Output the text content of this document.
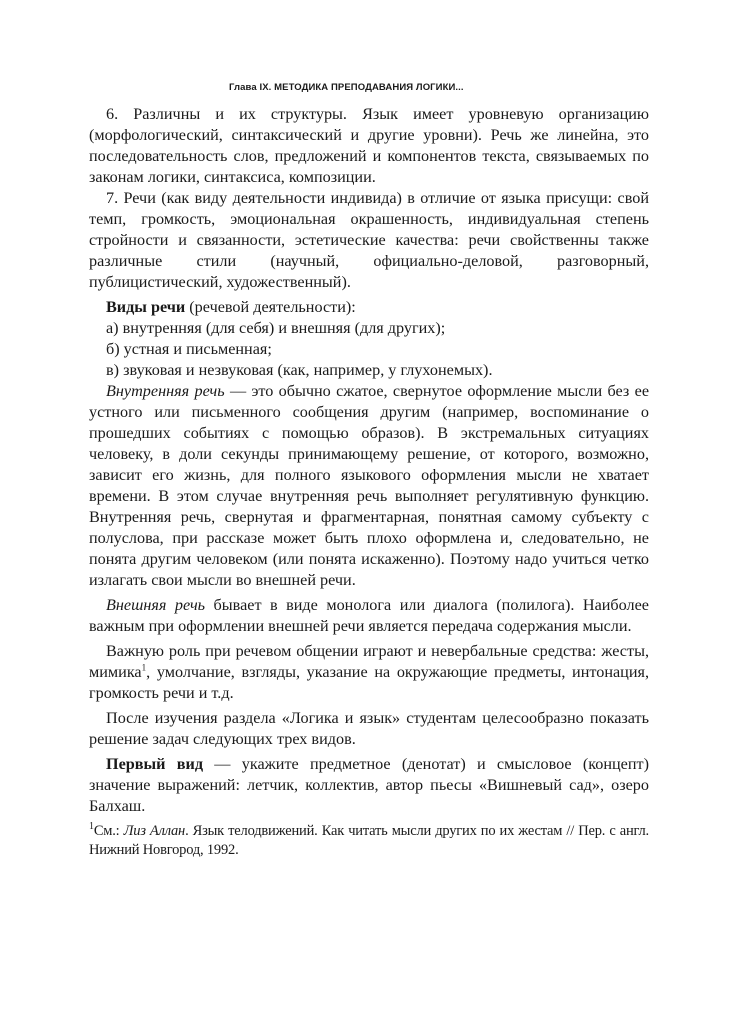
Глава IX. МЕТОДИКА ПРЕПОДАВАНИЯ ЛОГИКИ...

6. Различны и их структуры. Язык имеет уровневую организацию (морфологический, синтаксический и другие уровни). Речь же линейна, это последовательность слов, предложений и компонентов текста, связываемых по законам логики, синтаксиса, композиции.

7. Речи (как виду деятельности индивида) в отличие от языка присущи: свой темп, громкость, эмоциональная окрашенность, индивидуальная степень стройности и связанности, эстетические качества: речи свойственны также различные стили (научный, официально-деловой, разговорный, публицистический, художественный).

Виды речи (речевой деятельности):

а) внутренняя (для себя) и внешняя (для других);

б) устная и письменная;

в) звуковая и незвуковая (как, например, у глухонемых).

Внутренняя речь — это обычно сжатое, свернутое оформление мысли без ее устного или письменного сообщения другим (например, воспоминание о прошедших событиях с помощью образов). В экстремальных ситуациях человеку, в доли секунды принимающему решение, от которого, возможно, зависит его жизнь, для полного языкового оформления мысли не хватает времени. В этом случае внутренняя речь выполняет регулятивную функцию. Внутренняя речь, свернутая и фрагментарная, понятная самому субъекту с полуслова, при рассказе может быть плохо оформлена и, следовательно, не понята другим человеком (или понята искаженно). Поэтому надо учиться четко излагать свои мысли во внешней речи.

Внешняя речь бывает в виде монолога или диалога (полилога). Наиболее важным при оформлении внешней речи является передача содержания мысли.

Важную роль при речевом общении играют и невербальные средства: жесты, мимика$^1$, умолчание, взгляды, указание на окружающие предметы, интонация, громкость речи и т.д.

После изучения раздела «Логика и язык» студентам целесообразно показать решение задач следующих трех видов.

Первый вид — укажите предметное (денотат) и смысловое (концепт) значение выражений: летчик, коллектив, автор пьесы «Вишневый сад», озеро Балхаш.

$^1$См.: Лиз Аллан. Язык телодвижений. Как читать мысли других по их жестам // Пер. с англ. Нижний Новгород, 1992.
